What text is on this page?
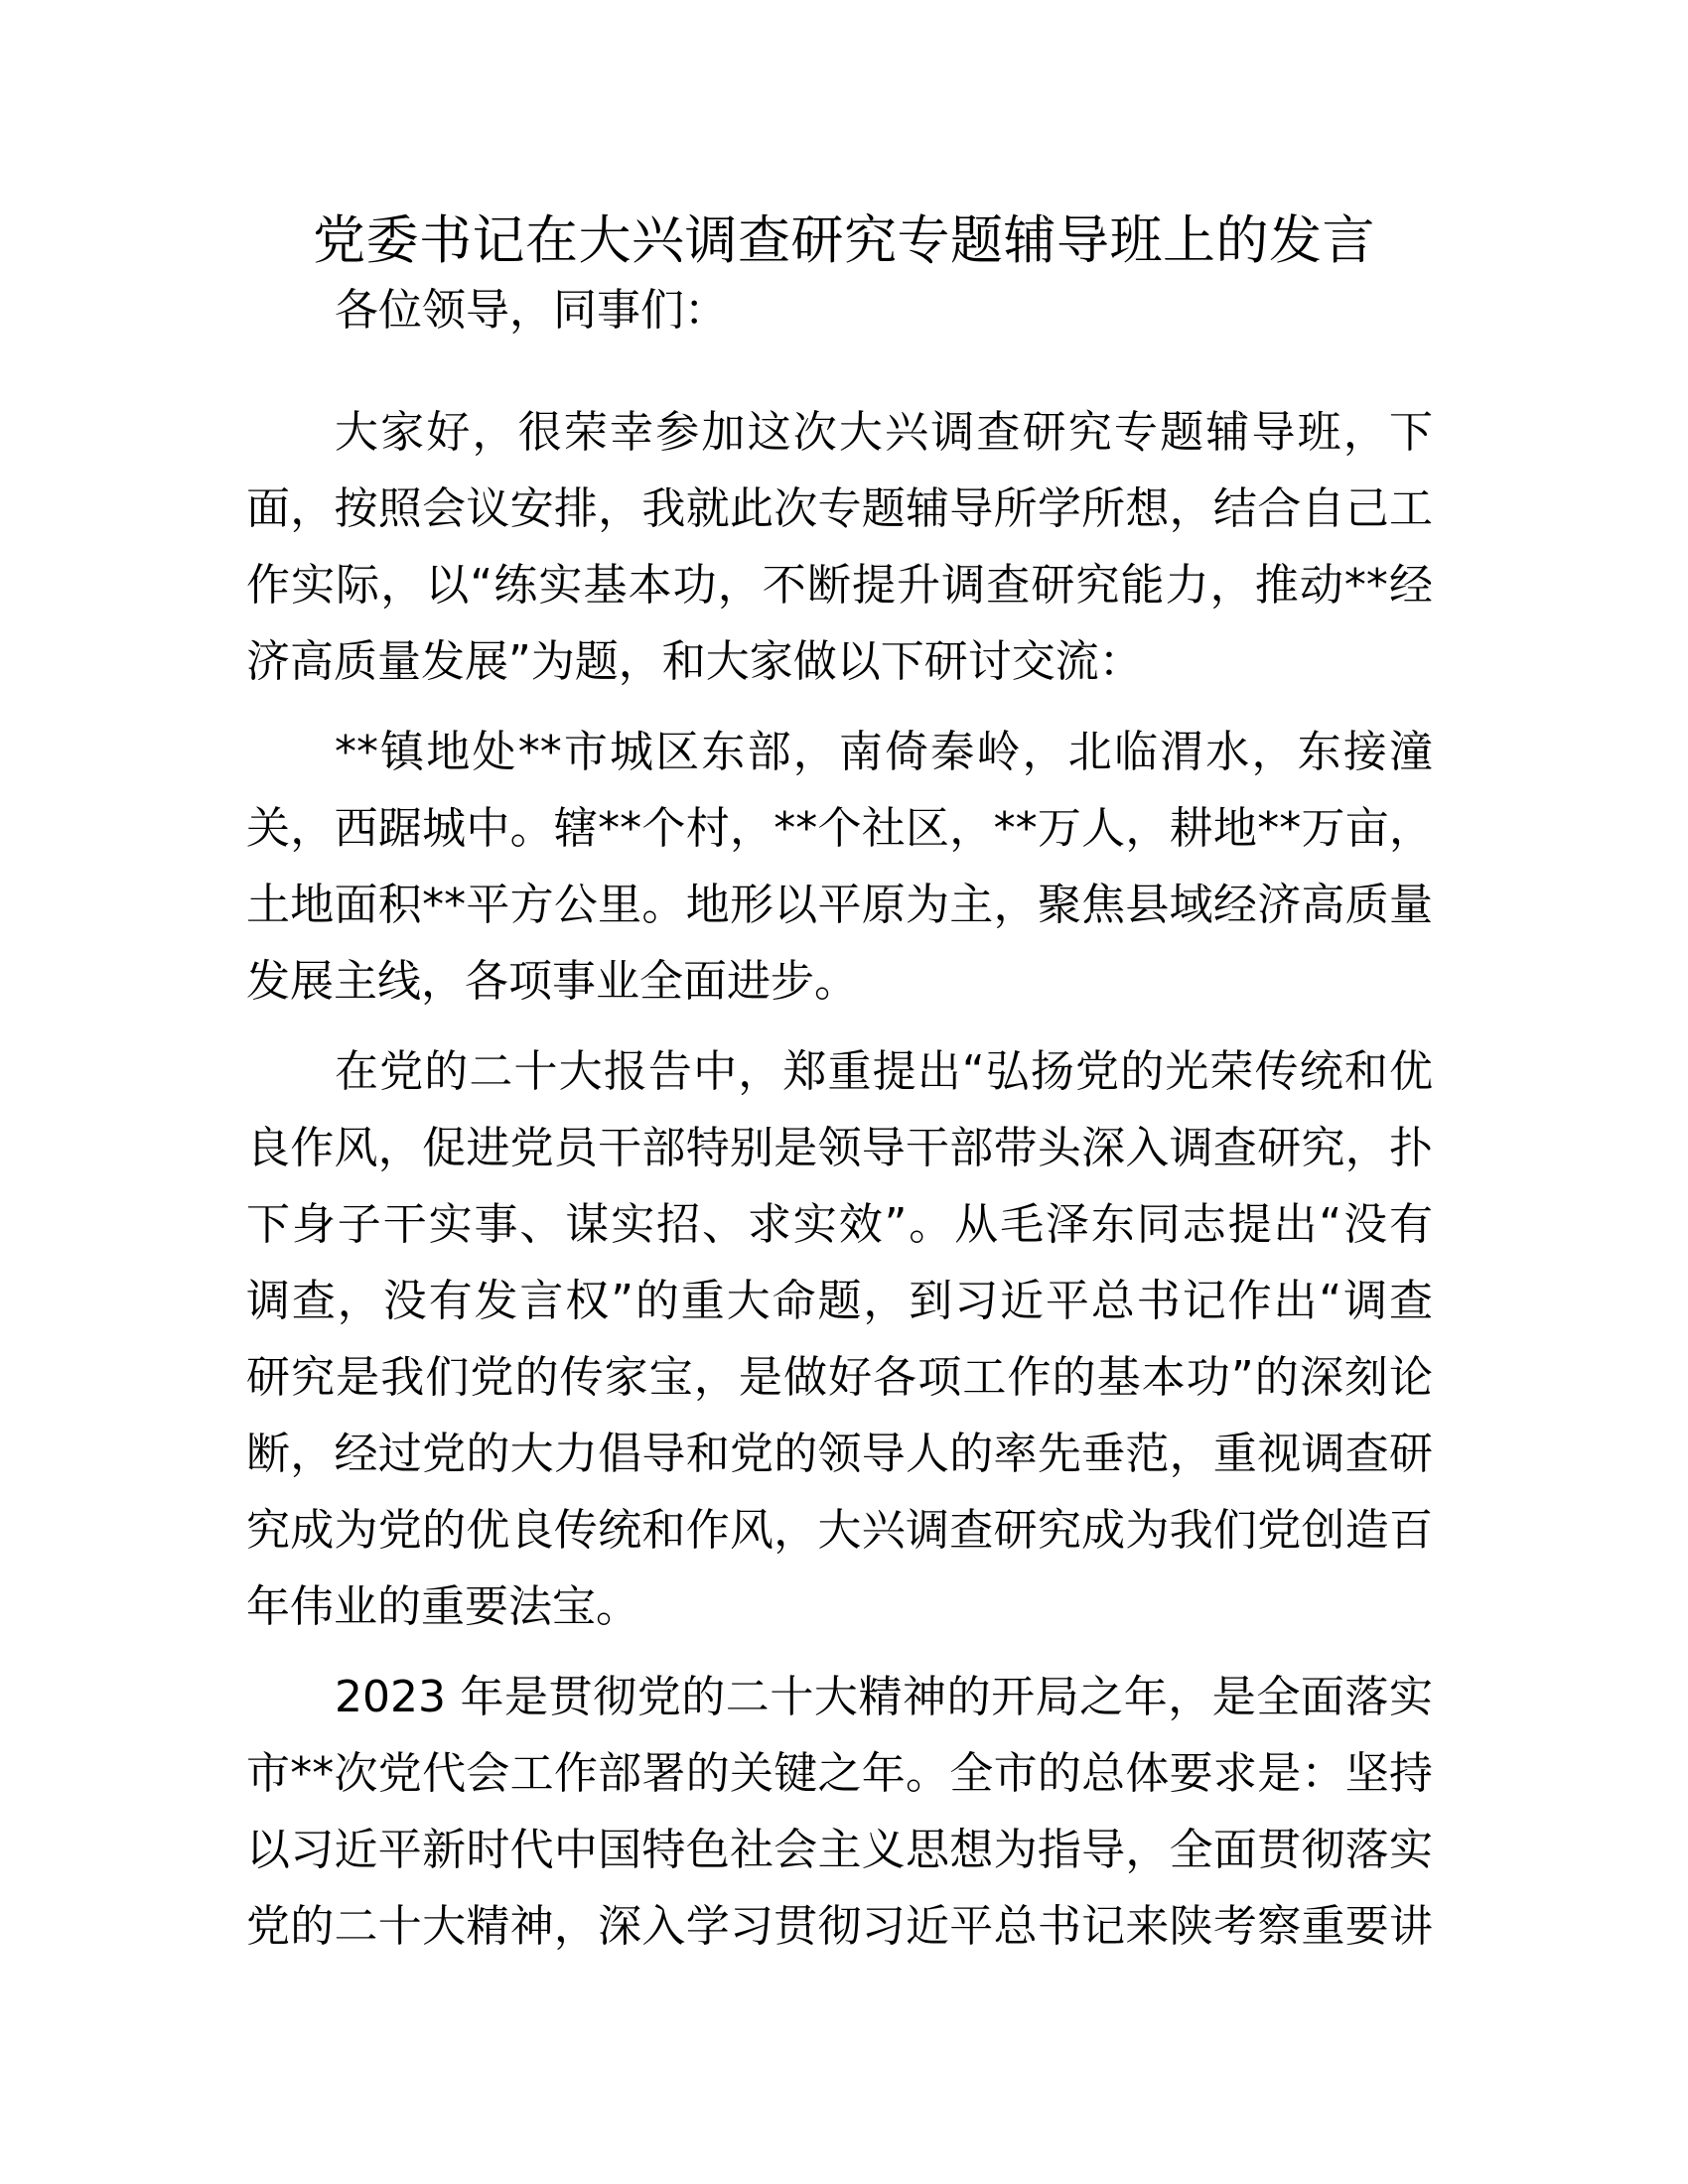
党委书记在大兴调查研究专题辅导班上的发言
各位领导，同事们：
大家好，很荣幸参加这次大兴调查研究专题辅导班，下
面，按照会议安排，我就此次专题辅导所学所想，结合自己工
作实际，以“练实基本功，不断提升调查研究能力，推动**经
济高质量发展”为题，和大家做以下研讨交流：
**镇地处**市城区东部，南倚秦岭，北临渭水，东接潼
关，西踞城中。辖**个村，**个社区，**万人，耕地**万亩，
土地面积**平方公里。地形以平原为主，聚焦县域经济高质量
发展主线，各项事业全面进步。
在党的二十大报告中，郑重提出“弘扬党的光荣传统和优
良作风，促进党员干部特别是领导干部带头深入调查研究，扑
下身子干实事、谋实招、求实效”。从毛泽东同志提出“没有
调查，没有发言权”的重大命题，到习近平总书记作出“调查
研究是我们党的传家宝，是做好各项工作的基本功”的深刻论
断，经过党的大力倡导和党的领导人的率先垂范，重视调查研
究成为党的优良传统和作风，大兴调查研究成为我们党创造百
年伟业的重要法宝。
2023 年是贯彻党的二十大精神的开局之年，是全面落实
市**次党代会工作部署的关键之年。全市的总体要求是：坚持
以习近平新时代中国特色社会主义思想为指导，全面贯彻落实
党的二十大精神，深入学习贯彻习近平总书记来陕考察重要讲
